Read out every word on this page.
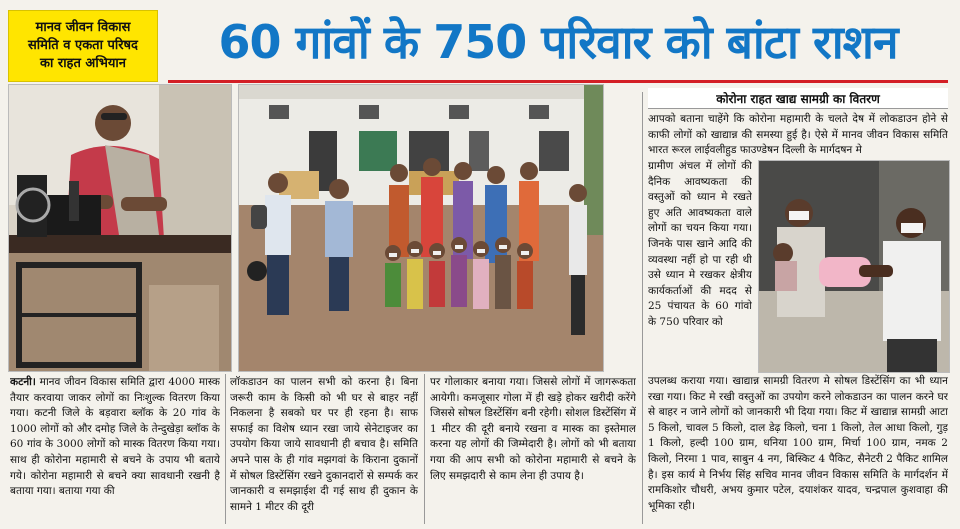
मानव जीवन विकास
समिति व एकता परिषद
का राहत अभियान	60 गांवों के 750 परिवार को बांटा राशन
कोरोना राहत खाद्य सामग्री का वितरण
आपको बताना चाहेंगे कि कोरोना महामारी के चलते देष में लोकडाउन होने से काफी लोगों को खाद्यान्न की समस्या हुई है। ऐसे में मानव जीवन विकास समिति भारत रूरल लाईवलीहुड फाउण्डेषन दिल्ली के मार्गदषन मे
ग्रामीण अंचल में लोगों की दैनिक आवष्यकता की वस्तुओं को ध्यान मे रखते हुए अति आवष्यकता वाले लोगों का चयन किया गया। जिनके पास खाने आदि की व्यवस्था नहीं हो पा रही थी उसे ध्यान मे रखकर क्षेत्रीय कार्यकर्ताओं की मदद से 25 पंचायत के 60 गांवो के 750 परिवार को
कटनी। मानव जीवन विकास समिति द्वारा 4000 मास्क तैयार करवाया जाकर लोगों का निःशुल्क वितरण किया गया। कटनी जिले के बड़वारा ब्लॉक के 20 गांव के 1000 लोगों को और दमोह जिले के तेन्दुखेड़ा ब्लॉक के 60 गांव के 3000 लोगों को मास्क वितरण किया गया। साथ ही कोरोना महामारी से बचने के उपाय भी बताये गये। कोरोना महामारी से बचने क्या सावधानी रखनी है बताया गया। बताया गया की
लॉकडाउन का पालन सभी को करना है। बिना जरूरी काम के किसी को भी घर से बाहर नहीं निकलना है सबको घर पर ही रहना है। साफ सफाई का विशेष ध्यान रखा जाये सेनेटाइजर का उपयोग किया जाये सावधानी ही बचाव है। समिति अपने पास के ही गांव मझगवां के किराना दुकानों में सोषल डिस्टेंसिंग रखने दुकानदारों से सम्पर्क कर जानकारी व समझाईश दी गई साथ ही दुकान के सामने 1 मीटर की दूरी
पर गोलाकार बनाया गया। जिससे लोगों में जागरूकता आयेगी। कमजूसार गोला में ही खड़े होकर खरीदी करेंगे जिससे सोषल डिस्टेंसिंग बनी रहेगी। सोशल डिस्टेंसिंग में 1 मीटर की दूरी बनाये रखना व मास्क का इस्तेमाल करना यह लोगों की जिम्मेदारी है। लोगों को भी बताया गया की आप सभी को कोरोना महामारी से बचने के लिए समझदारी से काम लेना ही उपाय है।
उपलब्ध कराया गया। खाद्यान्न सामग्री वितरण मे सोषल डिस्टेंसिंग का भी ध्यान रखा गया। किट मे रखी वस्तुओं का उपयोग करने लोकडाउन का पालन करने घर से बाहर न जाने लोगों को जानकारी भी दिया गया। किट में खाद्यान्न सामग्री आटा 5 किलो, चावल 5 किलो, दाल डेढ़ किलो, चना 1 किलो, तेल आधा किलो, गुड़ 1 किलो, हल्दी 100 ग्राम, धनिया 100 ग्राम, मिर्चा 100 ग्राम, नमक 2 किलो, निरमा 1 पाव, साबुन 4 नग, बिस्किट 4 पैकिट, सैनेटरी 2 पैकिट शामिल है। इस कार्य मे निर्भय सिंह सचिव मानव जीवन विकास समिति के मार्गदर्शन में रामकिशोर चौधरी, अभय कुमार पटेल, दयाशंकर यादव, चन्द्रपाल कुशवाहा की भूमिका रही।
